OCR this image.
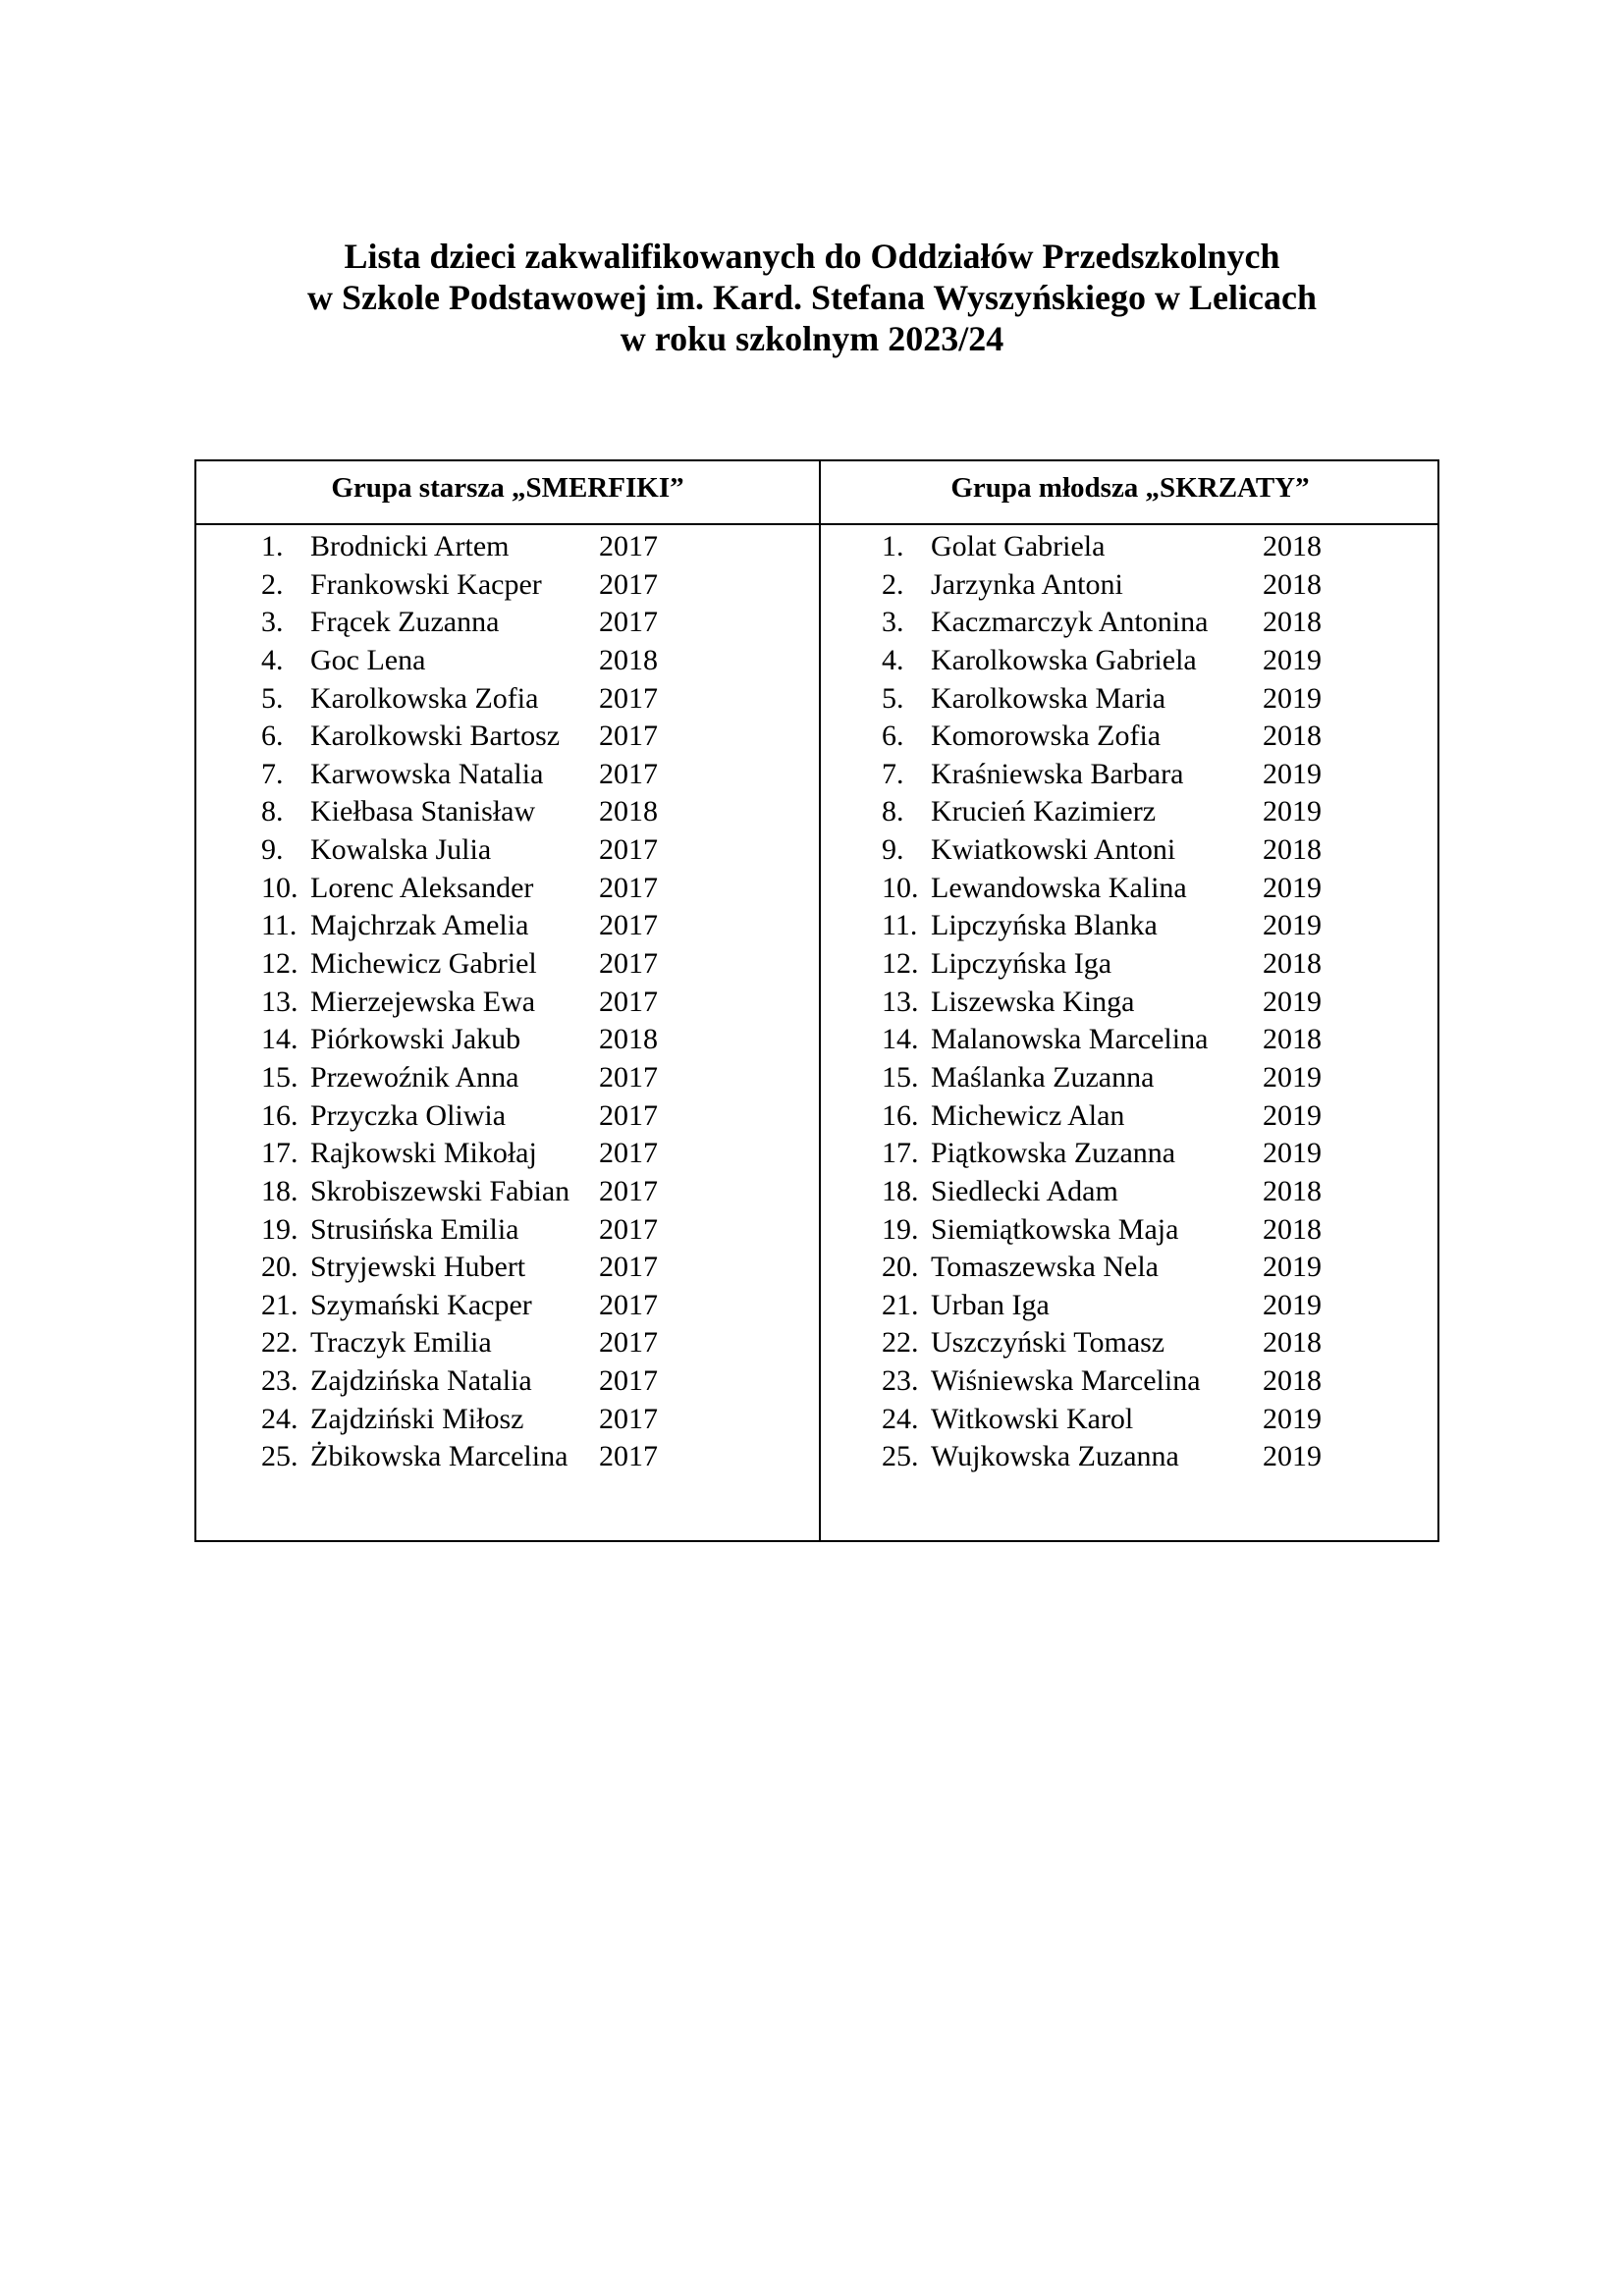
Lista dzieci zakwalifikowanych do Oddziałów Przedszkolnych
w Szkole Podstawowej im. Kard. Stefana Wyszyńskiego w Lelicach
w roku szkolnym 2023/24
Grupa starsza „SMERFIKI”	Grupa młodsza „SKRZATY”
1. Brodnicki Artem	2017
2. Frankowski Kacper 2017
3. Frącek Zuzanna	2017
4. Goc Lena	2018
5. Karolkowska Zofia 2017
6. Karolkowski Bartosz 2017
7. Karwowska Natalia 2017
8. Kiełbasa Stanisław 2018
9. Kowalska Julia	2017
10. Lorenc Aleksander 2017
11. Majchrzak Amelia 2017
12. Michewicz Gabriel 2017
13. Mierzejewska Ewa 2017
14. Piórkowski Jakub	2018
15. Przewoźnik Anna	2017
16. Przyczka Oliwia	2017
17. Rajkowski Mikołaj 2017
18. Skrobiszewski Fabian 2017
19. Strusińska Emilia	2017
20. Stryjewski Hubert 2017
21. Szymański Kacper 2017
22. Traczyk Emilia	2017
23. Zajdzińska Natalia 2017
24. Zajdziński Miłosz	2017
25. Żbikowska Marcelina 2017
1. Golat Gabriela	2018
2. Jarzynka Antoni	2018
3. Kaczmarczyk Antonina 2018
4. Karolkowska Gabriela 2019
5. Karolkowska Maria	2019
6. Komorowska Zofia	2018
7. Kraśniewska Barbara	2019
8. Krucień Kazimierz	2019
9. Kwiatkowski Antoni	2018
10. Lewandowska Kalina	2019
11. Lipczyńska Blanka	2019
12. Lipczyńska Iga	2018
13. Liszewska Kinga	2019
14. Malanowska Marcelina 2018
15. Maślanka Zuzanna	2019
16. Michewicz Alan	2019
17. Piątkowska Zuzanna	2019
18. Siedlecki Adam	2018
19. Siemiątkowska Maja	2018
20. Tomaszewska Nela	2019
21. Urban Iga	2019
22. Uszczyński Tomasz	2018
23. Wiśniewska Marcelina 2018
24. Witkowski Karol	2019
25. Wujkowska Zuzanna	2019
